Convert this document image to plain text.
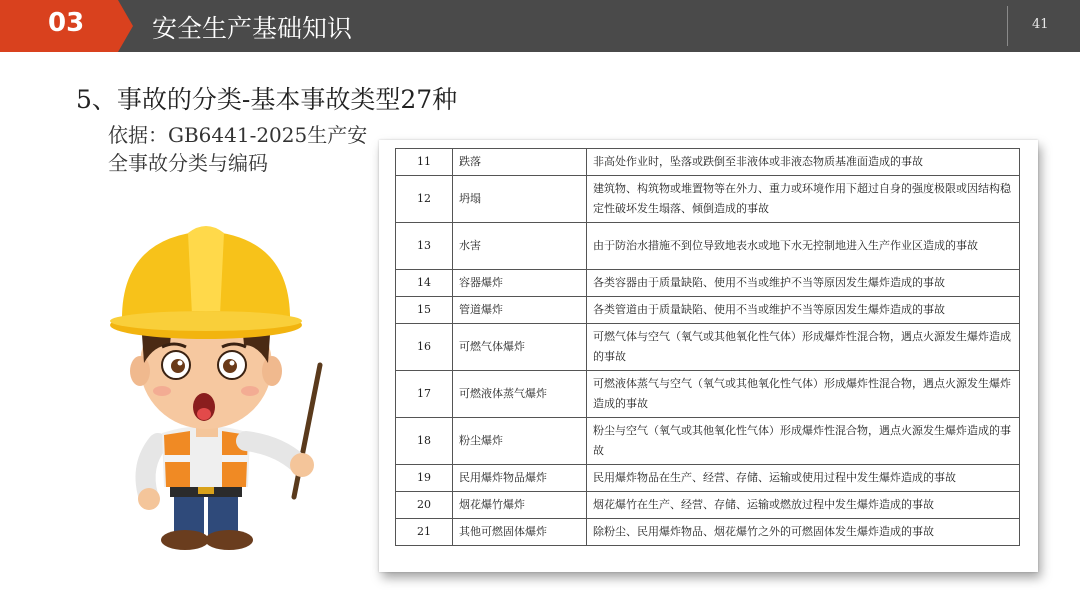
03	安全生产基础知识	41
5、事故的分类-基本事故类型27种
依据：GB6441-2025生产安全事故分类与编码	11	跌落	非高处作业时，坠落或跌倒至非液体或非液态物质基准面造成的事故
12	坍塌	建筑物、构筑物或堆置物等在外力、重力或环境作用下超过自身的强度极限或因结构稳定性破坏发生塌落、倾倒造成的事故
13	水害	由于防治水措施不到位导致地表水或地下水无控制地进入生产作业区造成的事故
14	容器爆炸	各类容器由于质量缺陷、使用不当或维护不当等原因发生爆炸造成的事故
15	管道爆炸	各类管道由于质量缺陷、使用不当或维护不当等原因发生爆炸造成的事故
16	可燃气体爆炸	可燃气体与空气（氧气或其他氧化性气体）形成爆炸性混合物，遇点火源发生爆炸造成的事故
17	可燃液体蒸气爆炸	可燃液体蒸气与空气（氧气或其他氧化性气体）形成爆炸性混合物，遇点火源发生爆炸造成的事故
18	粉尘爆炸	粉尘与空气（氧气或其他氧化性气体）形成爆炸性混合物，遇点火源发生爆炸造成的事故
19	民用爆炸物品爆炸	民用爆炸物品在生产、经营、存储、运输或使用过程中发生爆炸造成的事故
20	烟花爆竹爆炸	烟花爆竹在生产、经营、存储、运输或燃放过程中发生爆炸造成的事故
21	其他可燃固体爆炸	除粉尘、民用爆炸物品、烟花爆竹之外的可燃固体发生爆炸造成的事故
